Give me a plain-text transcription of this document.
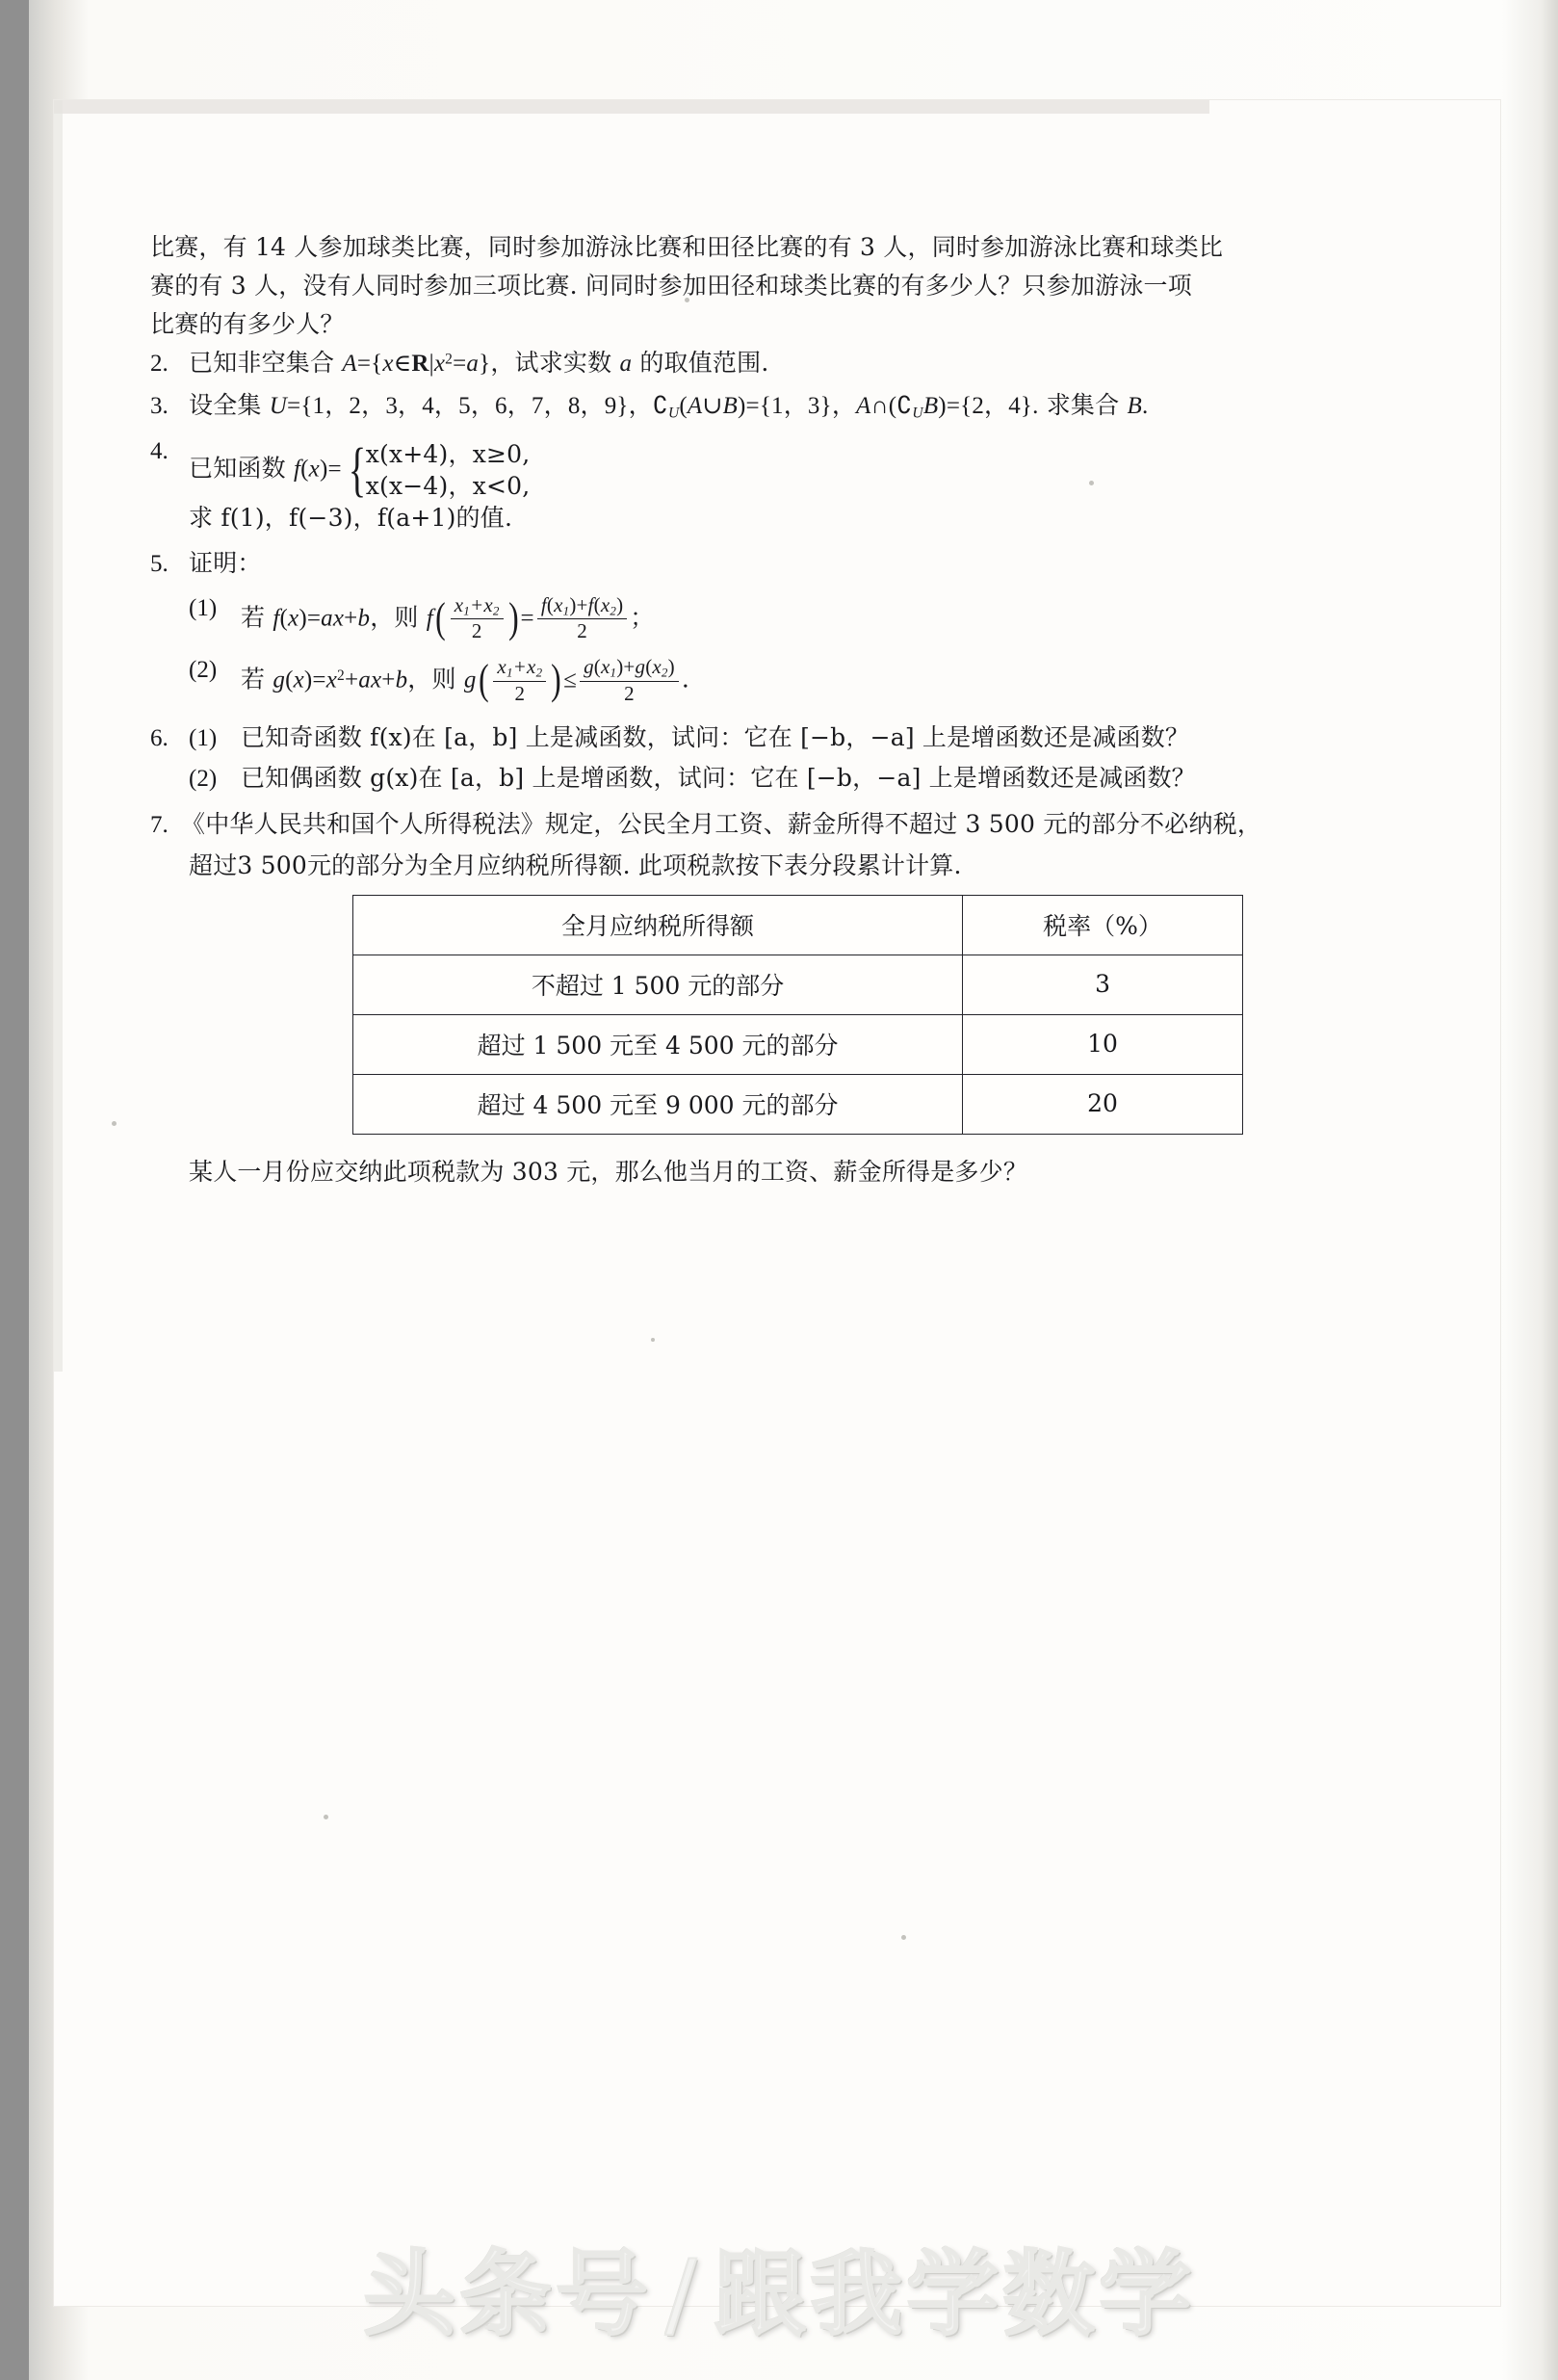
比赛，有 14 人参加球类比赛，同时参加游泳比赛和田径比赛的有 3 人，同时参加游泳比赛和球类比
赛的有 3 人，没有人同时参加三项比赛. 问同时参加田径和球类比赛的有多少人？只参加游泳一项
比赛的有多少人？
2. 已知非空集合 $A=\{x\in R|x^2=a\}$，试求实数 a 的取值范围.
3. 设全集 U={1，2，3，4，5，6，7，8，9}，$∁_U(A\cup B)=\{1$，3}，$A\cap(∁_UB)=\{2$，4}. 求集合 B.
4.
已知函数 f(x)= { x(x+4)，x≥0,
x(x−4)，x<0,
求 f(1)，f(−3)，f(a+1)的值.
5. 证明：
(1) 若 f(x)=ax+b，则 $f( \frac{x_1+x_2}{2}$ )= $\frac{f(x_1)+f(x_2)}{2}$ ；
(2) 若 $g(x)=x^2+ax+b$，则 $g( \frac{x_1+x_2}{2}$ )≤ $\frac{g(x_1)+g(x_2)}{2}$ .
6. (1) 已知奇函数 f(x)在 [a，b] 上是减函数，试问：它在 [−b，−a] 上是增函数还是减函数？
(2) 已知偶函数 g(x)在 [a，b] 上是增函数，试问：它在 [−b，−a] 上是增函数还是减函数？
7. 《中华人民共和国个人所得税法》规定，公民全月工资、薪金所得不超过 3 500 元的部分不必纳税，
超过3 500元的部分为全月应纳税所得额. 此项税款按下表分段累计计算.
全月应纳税所得额	税率（%）
不超过 1 500 元的部分	3
超过 1 500 元至 4 500 元的部分	10
超过 4 500 元至 9 000 元的部分	20
某人一月份应交纳此项税款为 303 元，那么他当月的工资、薪金所得是多少？
头条号 / 跟我学数学
